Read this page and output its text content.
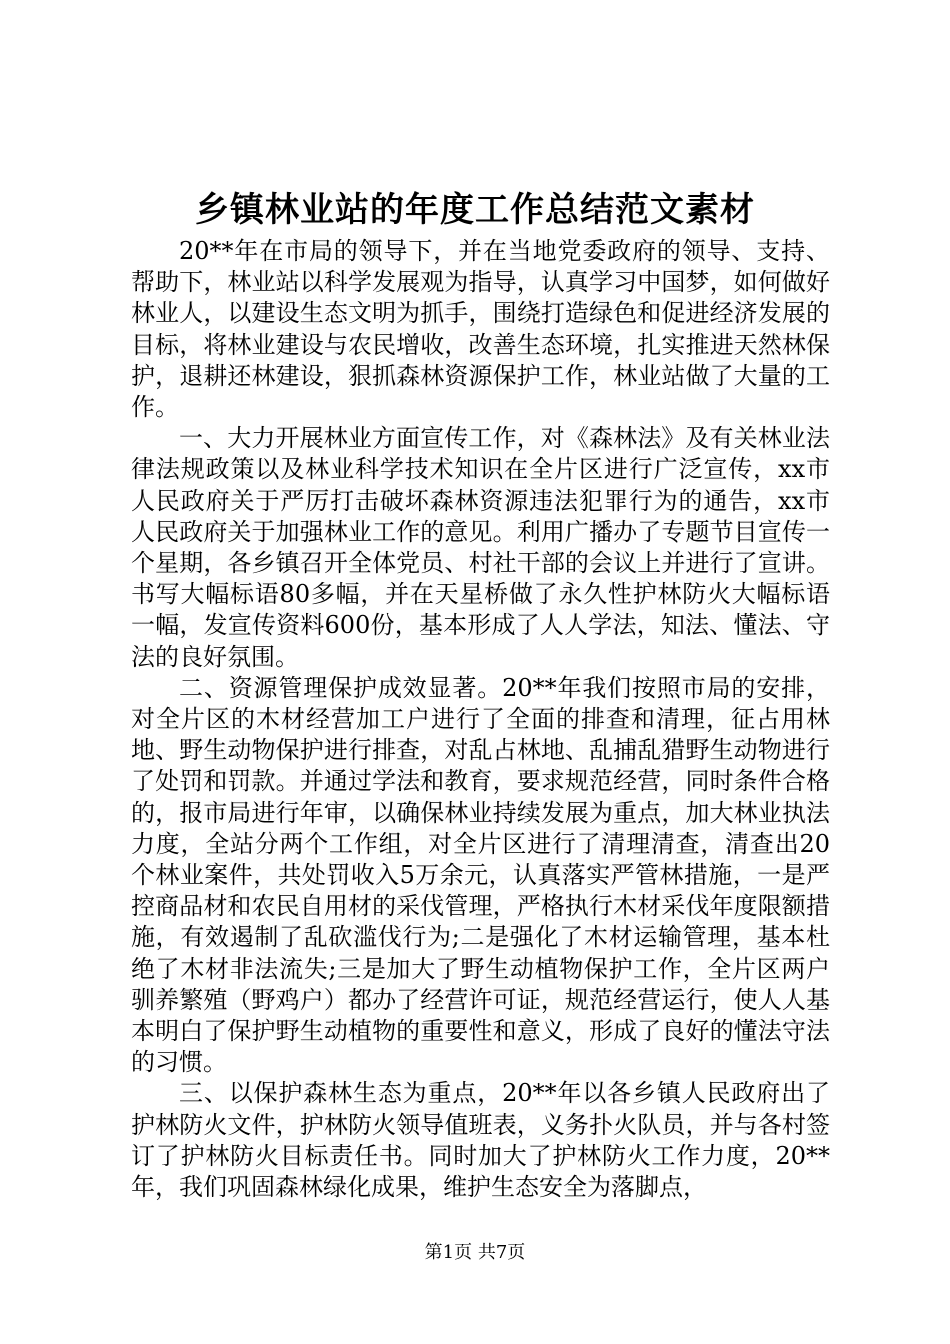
乡镇林业站的年度工作总结范文素材

20**年在市局的领导下，并在当地党委政府的领导、支持、帮助下，林业站以科学发展观为指导，认真学习中国梦，如何做好林业人，以建设生态文明为抓手，围绕打造绿色和促进经济发展的目标，将林业建设与农民增收，改善生态环境，扎实推进天然林保护，退耕还林建设，狠抓森林资源保护工作，林业站做了大量的工作。

一、大力开展林业方面宣传工作，对《森林法》及有关林业法律法规政策以及林业科学技术知识在全片区进行广泛宣传，xx市人民政府关于严厉打击破坏森林资源违法犯罪行为的通告，xx市人民政府关于加强林业工作的意见。利用广播办了专题节目宣传一个星期，各乡镇召开全体党员、村社干部的会议上并进行了宣讲。书写大幅标语80多幅，并在天星桥做了永久性护林防火大幅标语一幅，发宣传资料600份，基本形成了人人学法，知法、懂法、守法的良好氛围。

二、资源管理保护成效显著。20**年我们按照市局的安排，对全片区的木材经营加工户进行了全面的排查和清理，征占用林地、野生动物保护进行排查，对乱占林地、乱捕乱猎野生动物进行了处罚和罚款。并通过学法和教育，要求规范经营，同时条件合格的，报市局进行年审，以确保林业持续发展为重点，加大林业执法力度，全站分两个工作组，对全片区进行了清理清查，清查出20个林业案件，共处罚收入5万余元，认真落实严管林措施，一是严控商品材和农民自用材的采伐管理，严格执行木材采伐年度限额措施，有效遏制了乱砍滥伐行为;二是强化了木材运输管理，基本杜绝了木材非法流失;三是加大了野生动植物保护工作，全片区两户驯养繁殖（野鸡户）都办了经营许可证，规范经营运行，使人人基本明白了保护野生动植物的重要性和意义，形成了良好的懂法守法的习惯。

三、以保护森林生态为重点，20**年以各乡镇人民政府出了护林防火文件，护林防火领导值班表，义务扑火队员，并与各村签订了护林防火目标责任书。同时加大了护林防火工作力度，20**年，我们巩固森林绿化成果，维护生态安全为落脚点，

第1页 共7页
